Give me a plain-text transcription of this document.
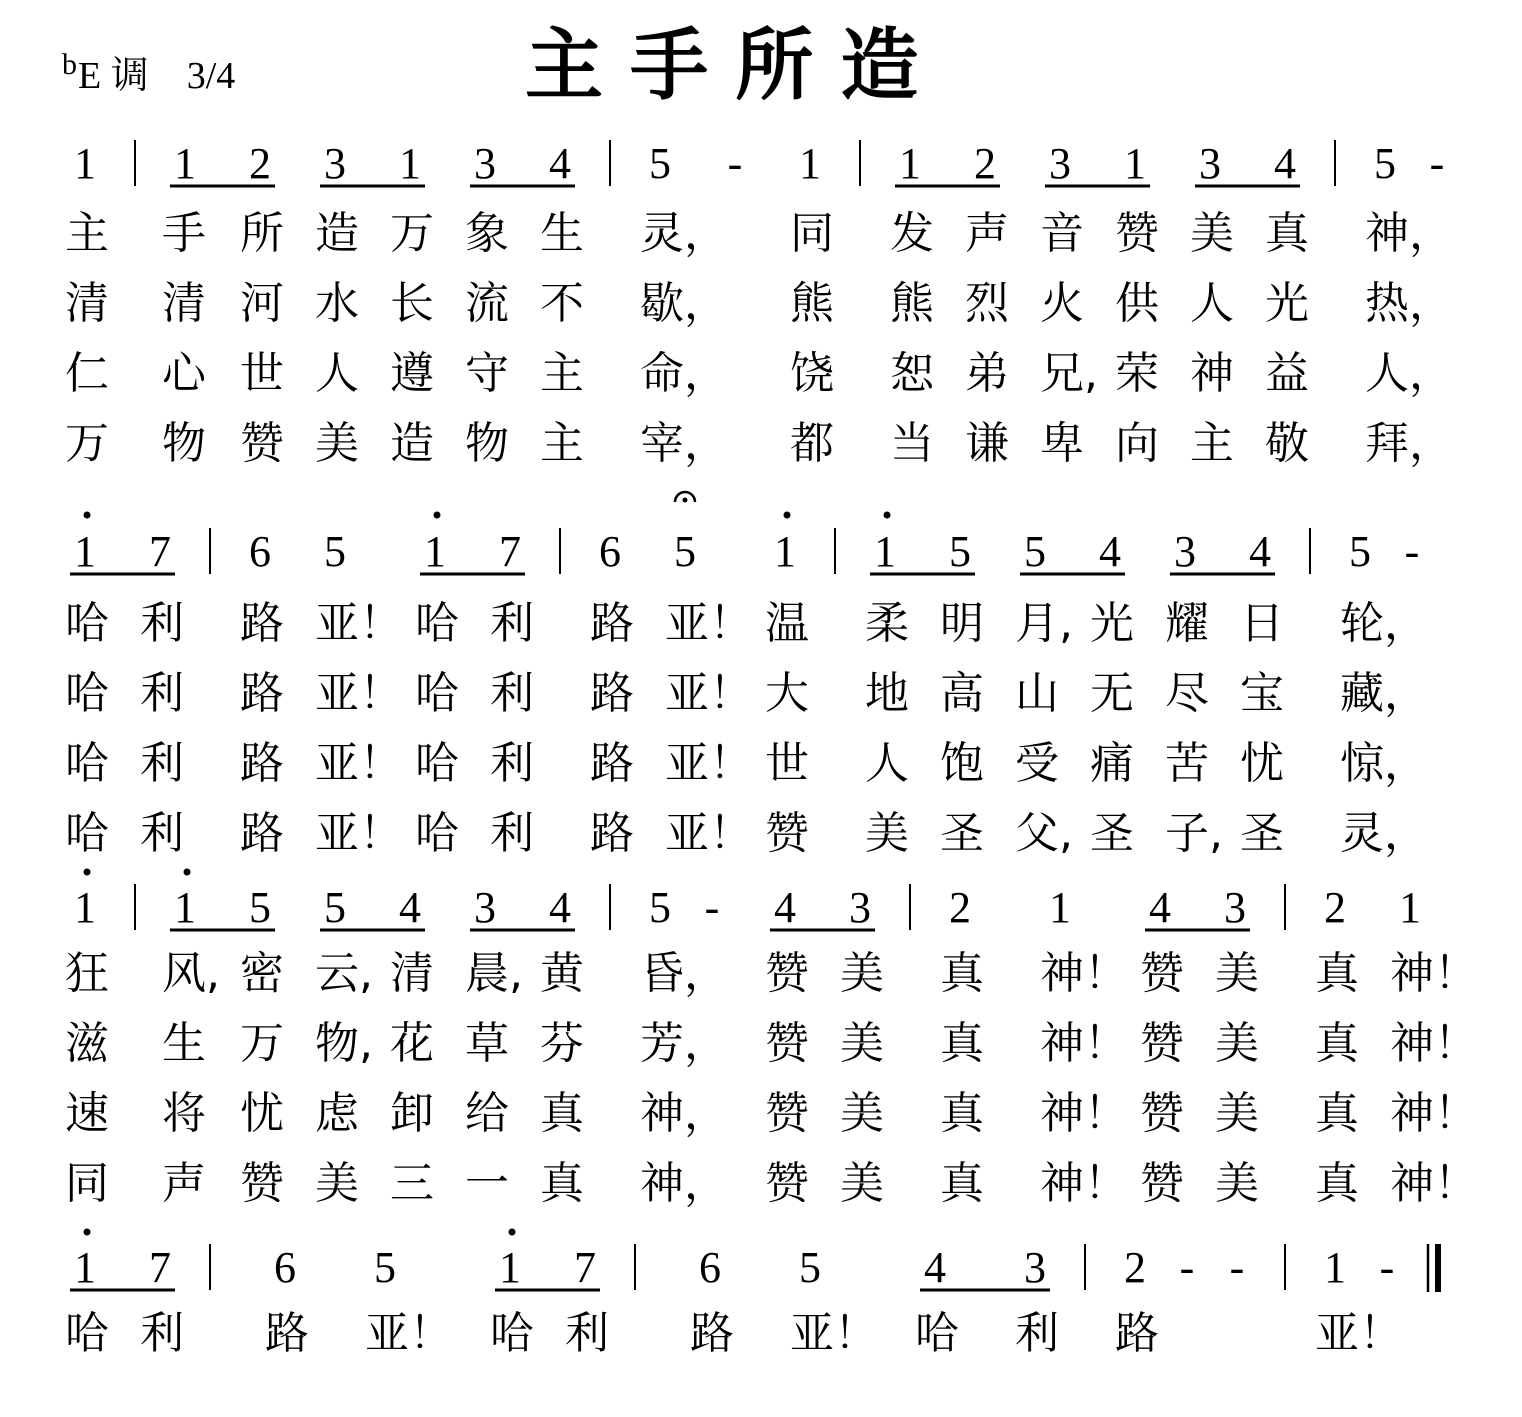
b E 调　3/4	主 手 所 造
1 1 2 3 1 3 4 5 - 1 1 2 3 1 3 4 5 -
1 7 6 5 1 7 6 5 1 1 5 5 4 3 4 5 -
1 1 5 5 4 3 4 5 - 4 3 2 1 4 3 2 1
1 7 6 5 1 7 6 5 4 3 2 - - 1 -
主 手 所 造 万 象 生 灵， 同 发 声 音 赞 美 真 神，
清 清 河 水 长 流 不 歇， 熊 熊 烈 火 供 人 光 热，
仁 心 世 人 遵 守 主 命， 饶 恕 弟 兄, 荣 神 益 人，
万 物 赞 美 造 物 主 宰， 都 当 谦 卑 向 主 敬 拜，
哈 利 路 亚！ 哈 利 路 亚！ 温 柔 明 月, 光 耀 日 轮，
哈 利 路 亚！ 哈 利 路 亚！ 大 地 高 山 无 尽 宝 藏，
哈 利 路 亚！ 哈 利 路 亚！ 世 人 饱 受 痛 苦 忧 惊，
哈 利 路 亚！ 哈 利 路 亚！ 赞 美 圣 父, 圣 子, 圣 灵，
狂 风, 密 云, 清 晨, 黄 昏， 赞 美 真 神！ 赞 美 真 神！
滋 生 万 物, 花 草 芬 芳， 赞 美 真 神！ 赞 美 真 神！
速 将 忧 虑 卸 给 真 神， 赞 美 真 神！ 赞 美 真 神！
同 声 赞 美 三 一 真 神， 赞 美 真 神！ 赞 美 真 神！
哈 利 路 亚！ 哈 利 路 亚！ 哈 利 路	亚！
